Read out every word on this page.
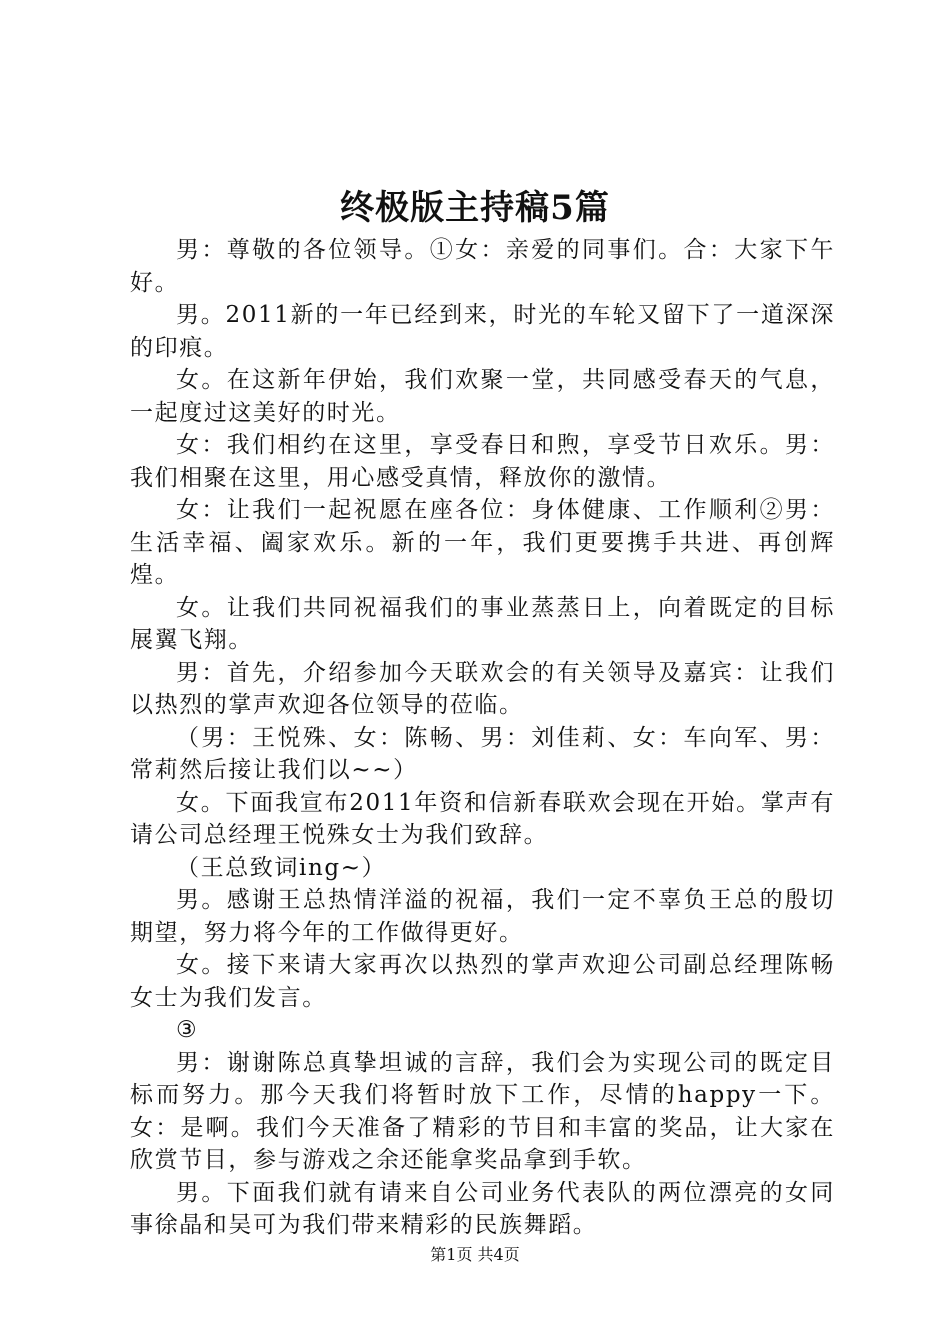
终极版主持稿5篇

男：尊敬的各位领导。①女：亲爱的同事们。合：大家下午好。

男。2011新的一年已经到来，时光的车轮又留下了一道深深的印痕。

女。在这新年伊始，我们欢聚一堂，共同感受春天的气息，一起度过这美好的时光。

女：我们相约在这里，享受春日和煦，享受节日欢乐。男：我们相聚在这里，用心感受真情，释放你的激情。

女：让我们一起祝愿在座各位：身体健康、工作顺利②男：生活幸福、阖家欢乐。新的一年，我们更要携手共进、再创辉煌。

女。让我们共同祝福我们的事业蒸蒸日上，向着既定的目标展翼飞翔。

男：首先，介绍参加今天联欢会的有关领导及嘉宾：让我们以热烈的掌声欢迎各位领导的莅临。

（男：王悦殊、女：陈畅、男：刘佳莉、女：车向军、男：常莉然后接让我们以~~）

女。下面我宣布2011年资和信新春联欢会现在开始。掌声有请公司总经理王悦殊女士为我们致辞。

（王总致词ing~）

男。感谢王总热情洋溢的祝福，我们一定不辜负王总的殷切期望，努力将今年的工作做得更好。

女。接下来请大家再次以热烈的掌声欢迎公司副总经理陈畅女士为我们发言。

③

男：谢谢陈总真挚坦诚的言辞，我们会为实现公司的既定目标而努力。那今天我们将暂时放下工作，尽情的happy一下。女：是啊。我们今天准备了精彩的节目和丰富的奖品，让大家在欣赏节目，参与游戏之余还能拿奖品拿到手软。

男。下面我们就有请来自公司业务代表队的两位漂亮的女同事徐晶和吴可为我们带来精彩的民族舞蹈。

第1页 共4页
